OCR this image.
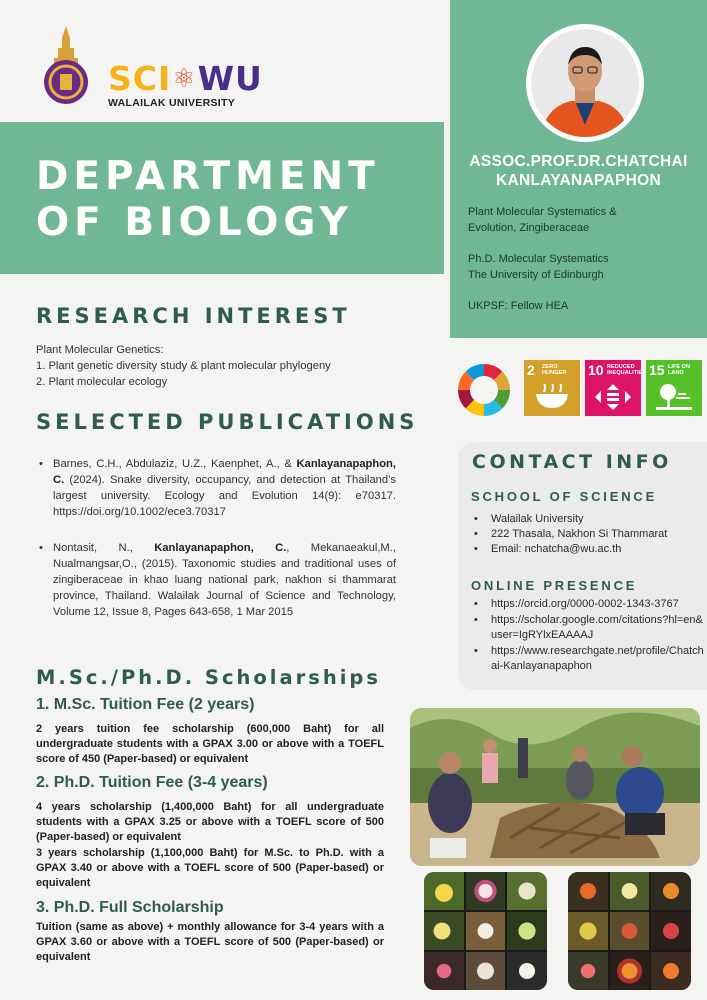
SCI ⚛ WU
WALAILAK UNIVERSITY
DEPARTMENT
OF BIOLOGY
ASSOC.PROF.DR.CHATCHAI
KANLAYANAPAPHON

Plant Molecular Systematics &
Evolution, Zingiberaceae

Ph.D. Molecular Systematics
The University of Edinburgh

UKPSF: Fellow HEA

RESEARCH INTEREST
Plant Molecular Genetics:
1. Plant genetic diversity study & plant molecular phylogeny
2. Plant molecular ecology
SELECTED PUBLICATIONS
• Barnes, C.H., Abdulaziz, U.Z., Kaenphet, A., & Kanlayanapaphon, C. (2024). Snake diversity, occupancy, and detection at Thailand’s largest university. Ecology and Evolution 14(9): e70317. https://doi.org/10.1002/ece3.70317
• Nontasit, N., Kanlayanapaphon, C., Mekanaeakul,M., Nualmangsar,O., (2015). Taxonomic studies and traditional uses of zingiberaceae in khao luang national park, nakhon si thammarat province, Thailand. Walailak Journal of Science and Technology, Volume 12, Issue 8, Pages 643-658, 1 Mar 2015
2	ZERO HUNGER	10 REDUCED INEQUALITIES 15 LIFE ON LAND
CONTACT INFO
SCHOOL OF SCIENCE
• Walailak University
• 222 Thasala, Nakhon Si Thammarat
• Email: nchatcha@wu.ac.th
ONLINE PRESENCE
• https://orcid.org/0000-0002-1343-3767
• https://scholar.google.com/citations?hl=en&user=IgRYlxEAAAAJ
• https://www.researchgate.net/profile/Chatchai-Kanlayanapaphon
M.Sc./Ph.D. Scholarships
1. M.Sc. Tuition Fee (2 years)
2 years tuition fee scholarship (600,000 Baht) for all undergraduate students with a GPAX 3.00 or above with a TOEFL score of 450 (Paper-based) or equivalent
2. Ph.D. Tuition Fee (3-4 years)
4 years scholarship (1,400,000 Baht) for all undergraduate students with a GPAX 3.25 or above with a TOEFL score of 500 (Paper-based) or equivalent
3 years scholarship (1,100,000 Baht) for M.Sc. to Ph.D. with a GPAX 3.40 or above with a TOEFL score of 500 (Paper-based) or equivalent
3. Ph.D. Full Scholarship
Tuition (same as above) + monthly allowance for 3-4 years with a GPAX 3.60 or above with a TOEFL score of 500 (Paper-based) or equivalent
